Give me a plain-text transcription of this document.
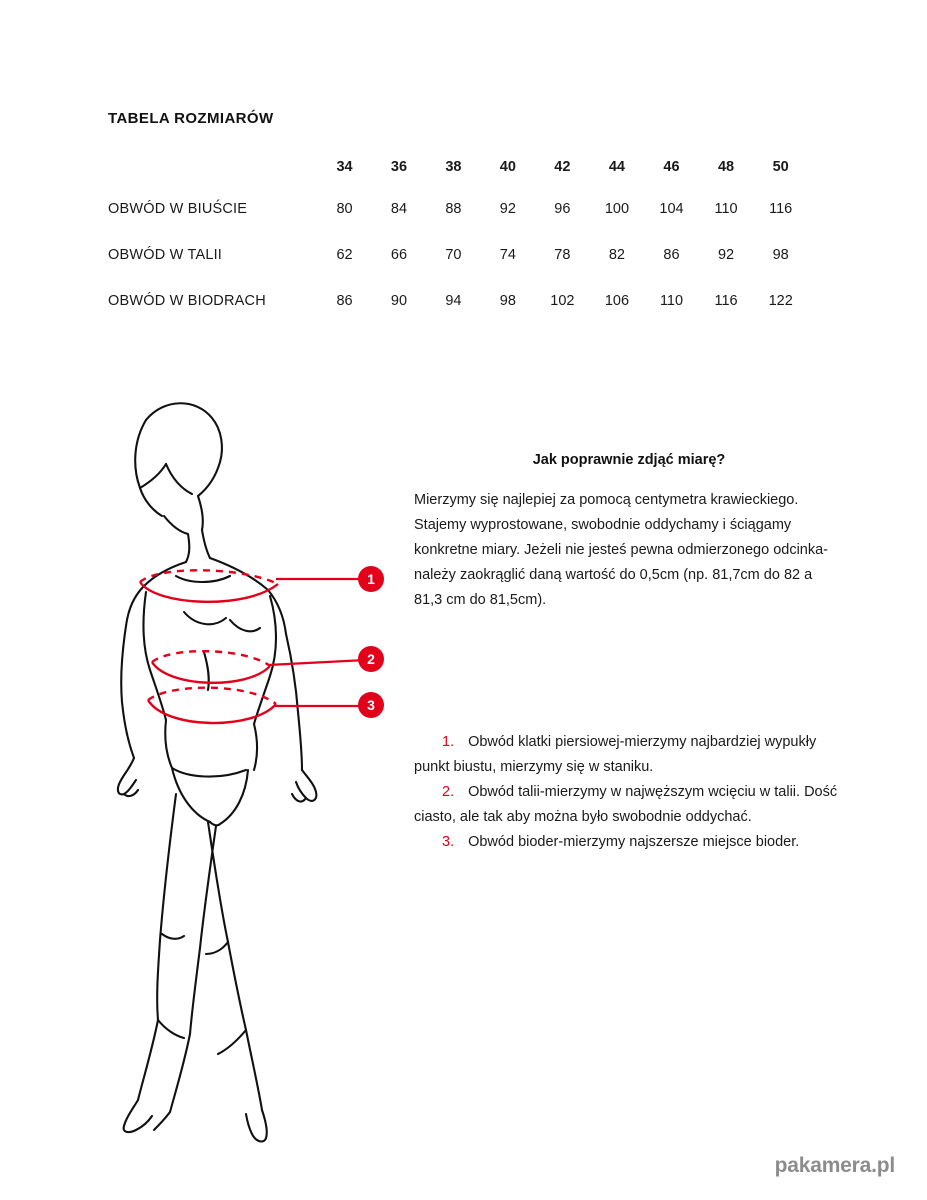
TABELA ROZMIARÓW
	34	36	38	40	42	44	46	48	50
OBWÓD W BIUŚCIE	80	84	88	92	96	100	104	110	116
OBWÓD W TALII	62	66	70	74	78	82	86	92	98
OBWÓD W BIODRACH	86	90	94	98	102	106	110	116	122
1
2
3
Jak poprawnie zdjąć miarę?
Mierzymy się najlepiej za pomocą centymetra krawieckiego. Stajemy wyprostowane, swobodnie oddychamy i ściągamy konkretne miary. Jeżeli nie jesteś pewna odmierzonego odcinka-należy zaokrąglić daną wartość do 0,5cm (np. 81,7cm do 82 a 81,3 cm do 81,5cm).

1. Obwód klatki piersiowej-mierzymy najbardziej wypukły punkt biustu, mierzymy się w staniku.

2. Obwód talii-mierzymy w najwęższym wcięciu w talii. Dość ciasto, ale tak aby można było swobodnie oddychać.

3. Obwód bioder-mierzymy najszersze miejsce bioder.

pakamera.pl
